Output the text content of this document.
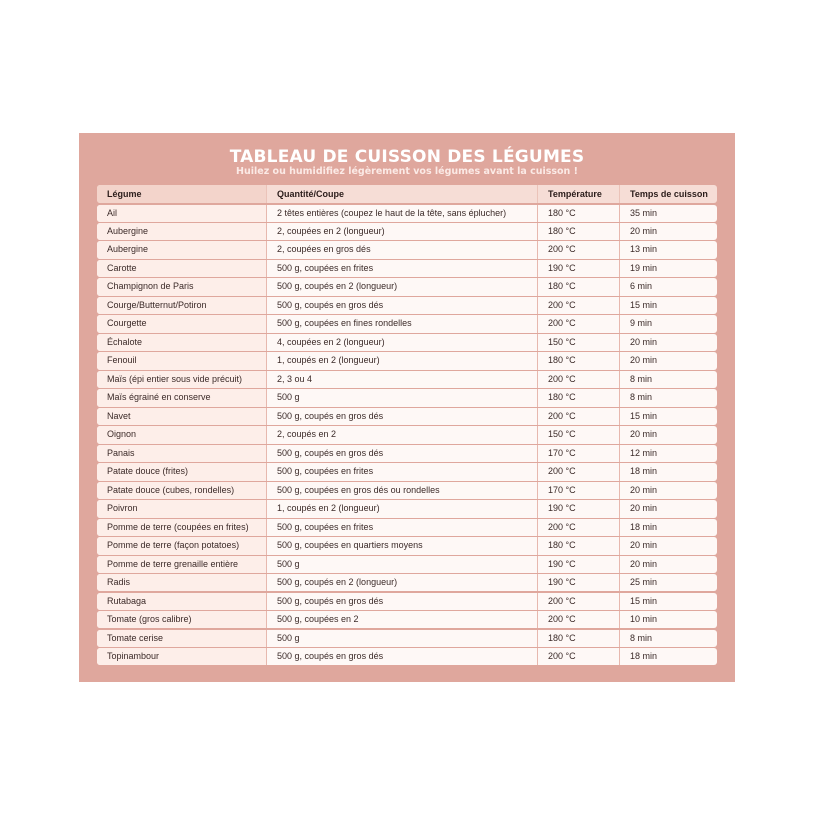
TABLEAU DE CUISSON DES LÉGUMES
Huilez ou humidifiez légèrement vos légumes avant la cuisson !
Légume	Quantité/Coupe	Température	Temps de cuisson
Ail	2 têtes entières (coupez le haut de la tête, sans éplucher)	180 °C	35 min
Aubergine	2, coupées en 2 (longueur)	180 °C	20 min
Aubergine	2, coupées en gros dés	200 °C	13 min
Carotte	500 g, coupées en frites	190 °C	19 min
Champignon de Paris	500 g, coupés en 2 (longueur)	180 °C	6 min
Courge/Butternut/Potiron	500 g, coupés en gros dés	200 °C	15 min
Courgette	500 g, coupées en fines rondelles	200 °C	9 min
Échalote	4, coupées en 2 (longueur)	150 °C	20 min
Fenouil	1, coupés en 2 (longueur)	180 °C	20 min
Maïs (épi entier sous vide précuit)	2, 3 ou 4	200 °C	8 min
Maïs égrainé en conserve	500 g	180 °C	8 min
Navet	500 g, coupés en gros dés	200 °C	15 min
Oignon	2, coupés en 2	150 °C	20 min
Panais	500 g, coupés en gros dés	170 °C	12 min
Patate douce (frites)	500 g, coupées en frites	200 °C	18 min
Patate douce (cubes, rondelles)	500 g, coupées en gros dés ou rondelles	170 °C	20 min
Poivron	1, coupés en 2 (longueur)	190 °C	20 min
Pomme de terre (coupées en frites)	500 g, coupées en frites	200 °C	18 min
Pomme de terre (façon potatoes)	500 g, coupées en quartiers moyens	180 °C	20 min
Pomme de terre grenaille entière	500 g	190 °C	20 min
Radis	500 g, coupés en 2 (longueur)	190 °C	25 min
Rutabaga	500 g, coupés en gros dés	200 °C	15 min
Tomate (gros calibre)	500 g, coupées en 2	200 °C	10 min
Tomate cerise	500 g	180 °C	8 min
Topinambour	500 g, coupés en gros dés	200 °C	18 min
